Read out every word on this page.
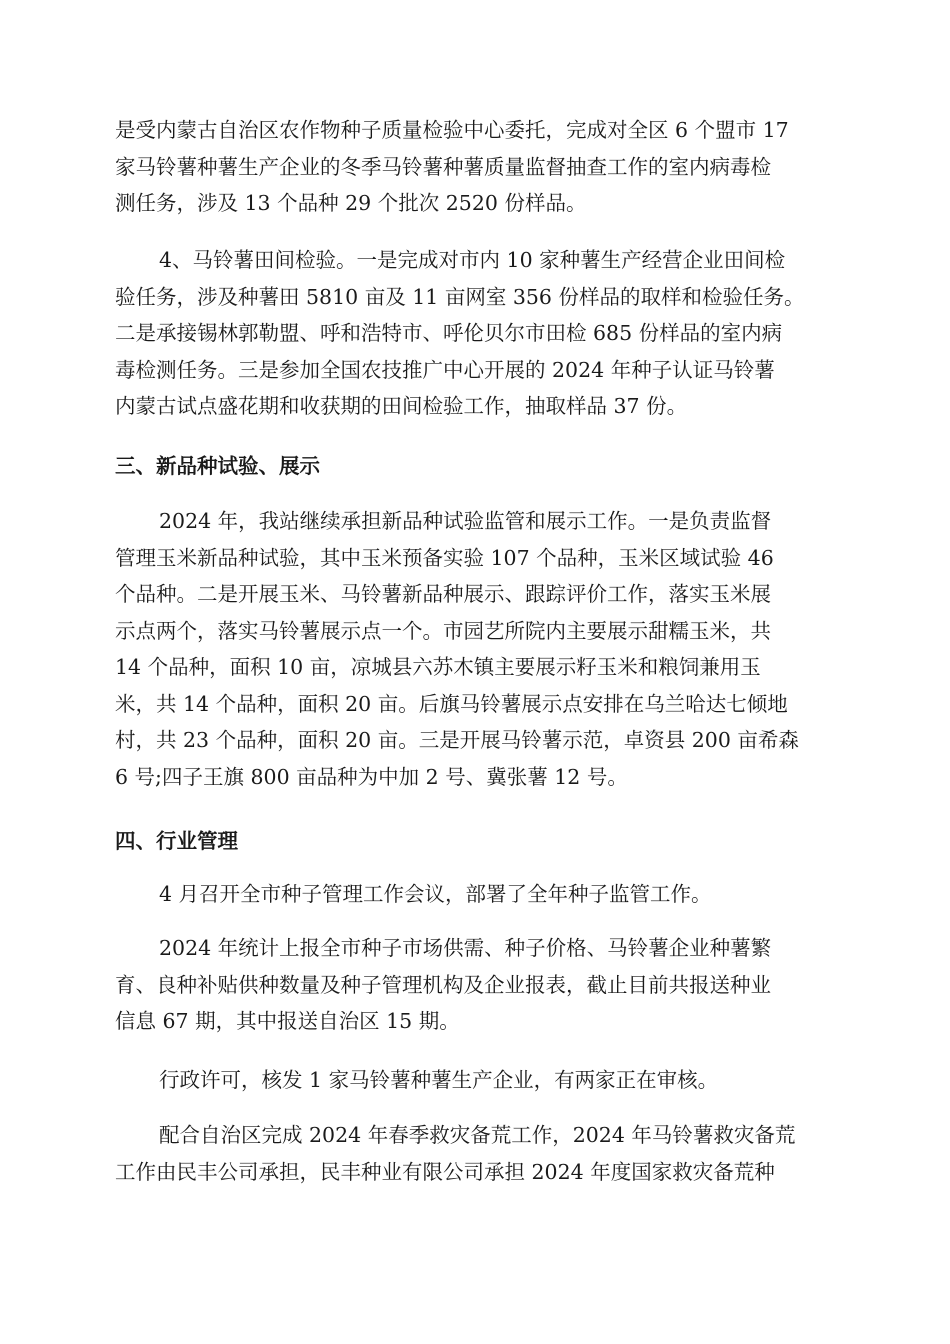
是受内蒙古自治区农作物种子质量检验中心委托，完成对全区 6 个盟市 17
家马铃薯种薯生产企业的冬季马铃薯种薯质量监督抽查工作的室内病毒检
测任务，涉及 13 个品种 29 个批次 2520 份样品。
4、马铃薯田间检验。一是完成对市内 10 家种薯生产经营企业田间检
验任务，涉及种薯田 5810 亩及 11 亩网室 356 份样品的取样和检验任务。
二是承接锡林郭勒盟、呼和浩特市、呼伦贝尔市田检 685 份样品的室内病
毒检测任务。三是参加全国农技推广中心开展的 2024 年种子认证马铃薯
内蒙古试点盛花期和收获期的田间检验工作，抽取样品 37 份。
三、新品种试验、展示
2024 年，我站继续承担新品种试验监管和展示工作。一是负责监督
管理玉米新品种试验，其中玉米预备实验 107 个品种，玉米区域试验 46
个品种。二是开展玉米、马铃薯新品种展示、跟踪评价工作，落实玉米展
示点两个，落实马铃薯展示点一个。市园艺所院内主要展示甜糯玉米，共
14 个品种，面积 10 亩，凉城县六苏木镇主要展示籽玉米和粮饲兼用玉
米，共 14 个品种，面积 20 亩。后旗马铃薯展示点安排在乌兰哈达七倾地
村，共 23 个品种，面积 20 亩。三是开展马铃薯示范，卓资县 200 亩希森
6 号;四子王旗 800 亩品种为中加 2 号、冀张薯 12 号。
四、行业管理
4 月召开全市种子管理工作会议，部署了全年种子监管工作。
2024 年统计上报全市种子市场供需、种子价格、马铃薯企业种薯繁
育、良种补贴供种数量及种子管理机构及企业报表，截止目前共报送种业
信息 67 期，其中报送自治区 15 期。
行政许可，核发 1 家马铃薯种薯生产企业，有两家正在审核。
配合自治区完成 2024 年春季救灾备荒工作，2024 年马铃薯救灾备荒
工作由民丰公司承担，民丰种业有限公司承担 2024 年度国家救灾备荒种
